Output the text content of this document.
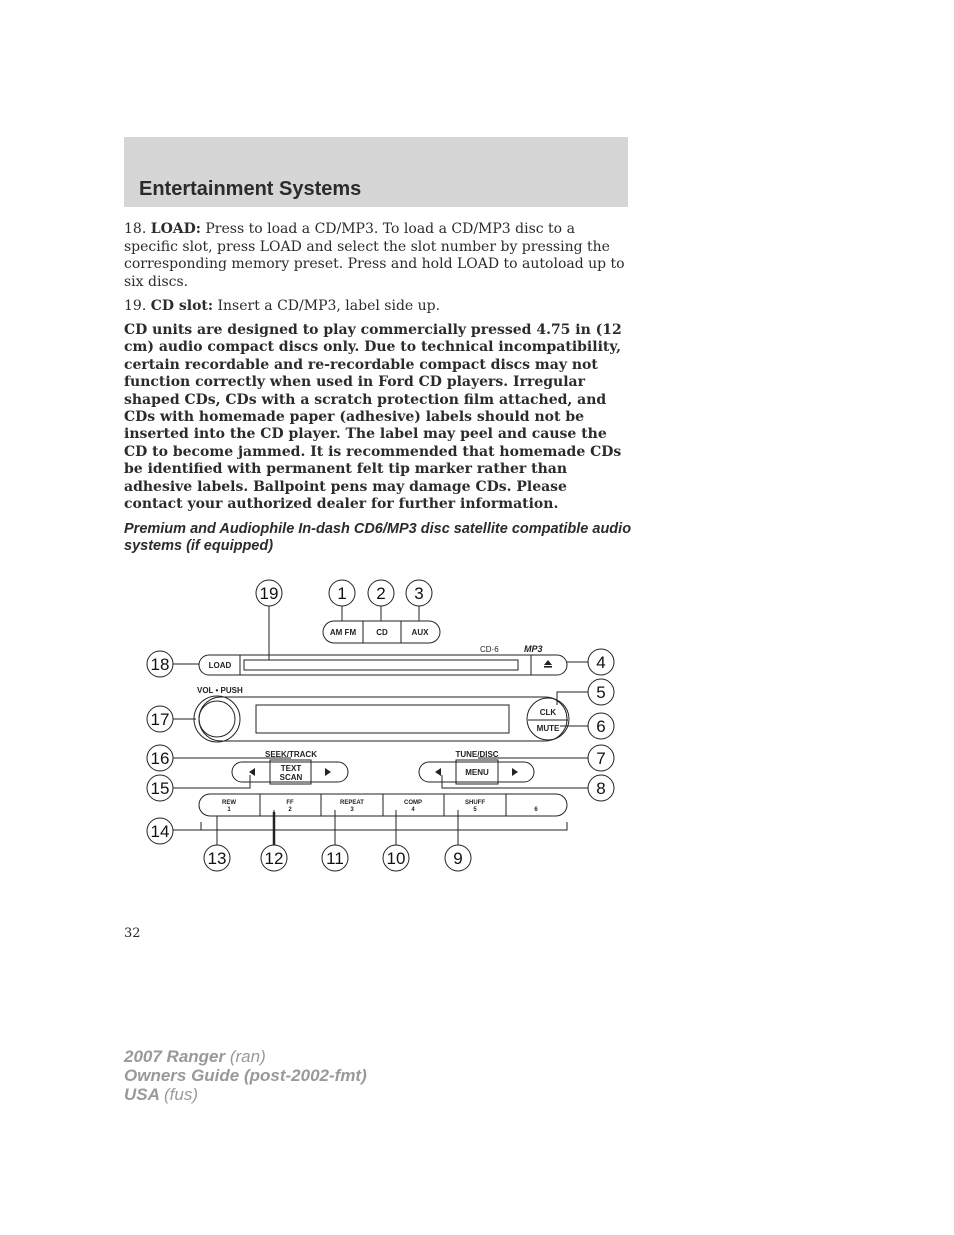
Entertainment Systems
18. LOAD: Press to load a CD/MP3. To load a CD/MP3 disc to a specific slot, press LOAD and select the slot number by pressing the corresponding memory preset. Press and hold LOAD to autoload up to six discs.
19. CD slot: Insert a CD/MP3, label side up.
CD units are designed to play commercially pressed 4.75 in (12 cm) audio compact discs only. Due to technical incompatibility, certain recordable and re-recordable compact discs may not function correctly when used in Ford CD players. Irregular shaped CDs, CDs with a scratch protection film attached, and CDs with homemade paper (adhesive) labels should not be inserted into the CD player. The label may peel and cause the CD to become jammed. It is recommended that homemade CDs be identified with permanent felt tip marker rather than adhesive labels. Ballpoint pens may damage CDs. Please contact your authorized dealer for further information.
Premium and Audiophile In-dash CD6/MP3 disc satellite compatible audio systems (if equipped)
AM FM	CD	AUX
LOAD
CD·6	MP3
VOL • PUSH
CLK
MUTE
SEEK/TRACK
TEXT
SCAN
TUNE/DISC
MENU
REW
1
FF
2
REPEAT
3
COMP
4
SHUFF
5	6
1 2 3
4
5
6
7
8
9
10
11
12
13
14
15
16
17
18
19
32
2007 Ranger (ran)
Owners Guide (post-2002-fmt)
USA (fus)
